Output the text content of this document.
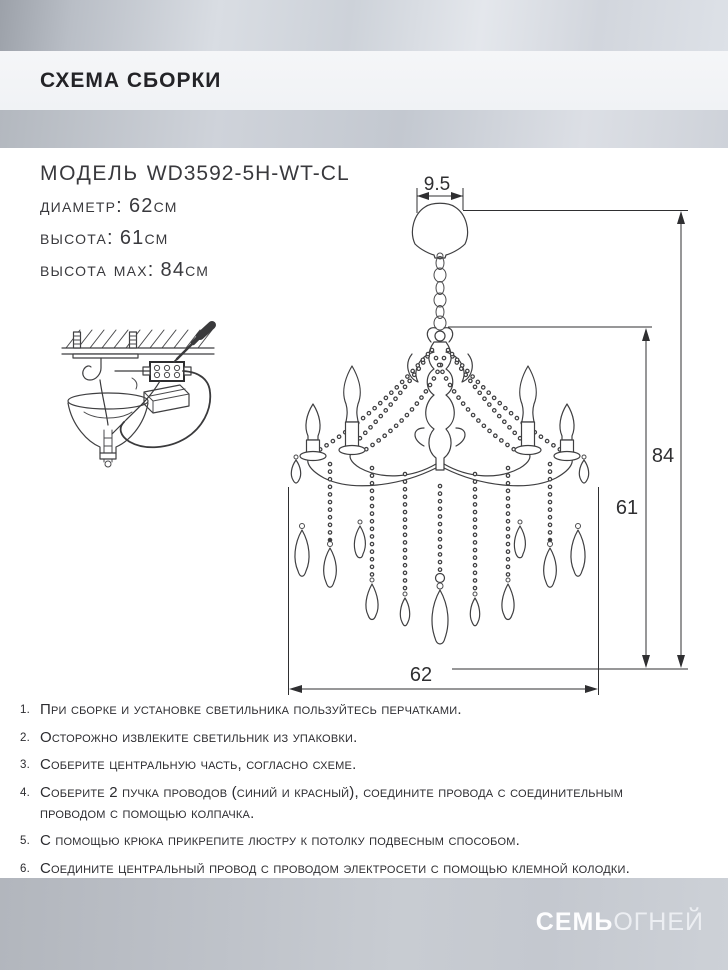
СХЕМА СБОРКИ
МОДЕЛЬ WD3592-5H-WT-CL
диаметр: 62см
высота: 61см
высота max: 84см
9.5
84
61
62
1. При сборке и установке светильника пользуйтесь перчатками.
2. Осторожно извлеките светильник из упаковки.
3. Соберите центральную часть, согласно схеме.
4. Соберите 2 пучка проводов (синий и красный), соедините провода с соединительным
проводом с помощью колпачка.
5. С помощью крюка прикрепите люстру к потолку подвесным способом.
6. Соедините центральный провод с проводом электросети с помощью клемной колодки.
СЕМЬОГНЕЙ
